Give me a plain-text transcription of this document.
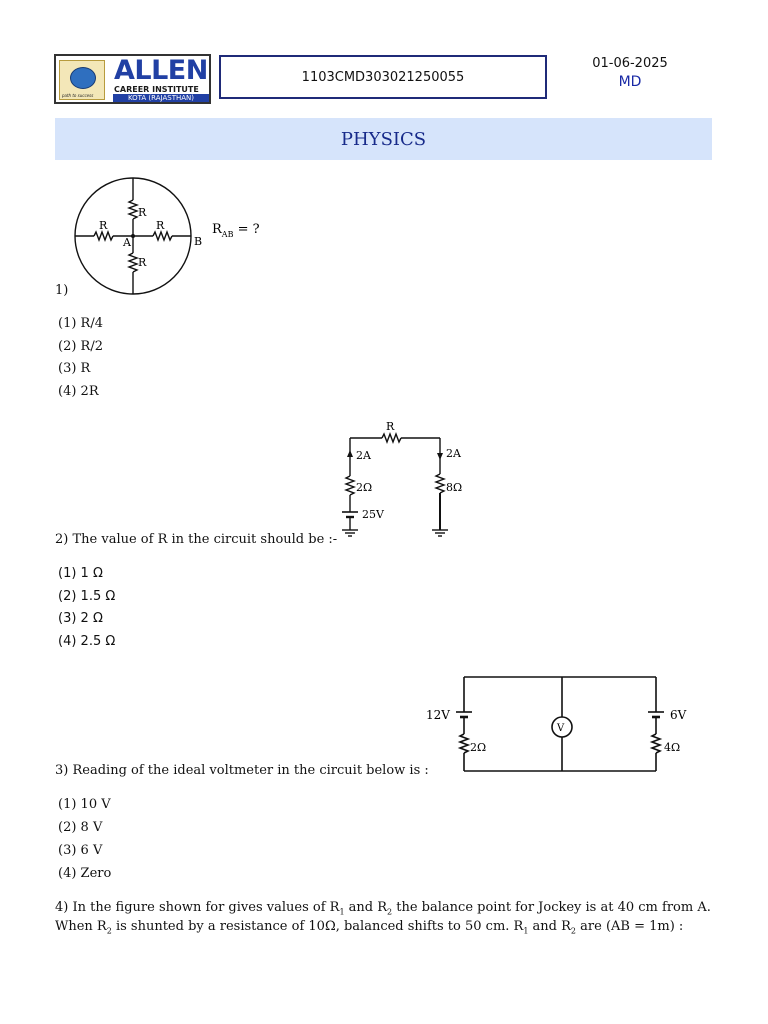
path to success
ALLEN
CAREER INSTITUTE
KOTA (RAJASTHAN)
1103CMD303021250055
01-06-2025
MD
PHYSICS
R
R	R
R
A	B
$R_{AB}$ = ?
1)
(1) R/4
(2) R/2
(3) R
(4) 2R
2) The value of R in the circuit should be :-
R
2A	2A
2Ω	8Ω
25V
(1) 1 Ω
(2) 1.5 Ω
(3) 2 Ω
(4) 2.5 Ω
3) Reading of the ideal voltmeter in the circuit below is :
12V
2Ω
V
6V
4Ω
(1) 10 V
(2) 8 V
(3) 6 V
(4) Zero
4) In the figure shown for gives values of $R_1$ and $R_2$ the balance point for Jockey is at 40 cm from A.
When $R_2$ is shunted by a resistance of 10Ω, balanced shifts to 50 cm. $R_1$ and $R_2$ are (AB = 1m) :
